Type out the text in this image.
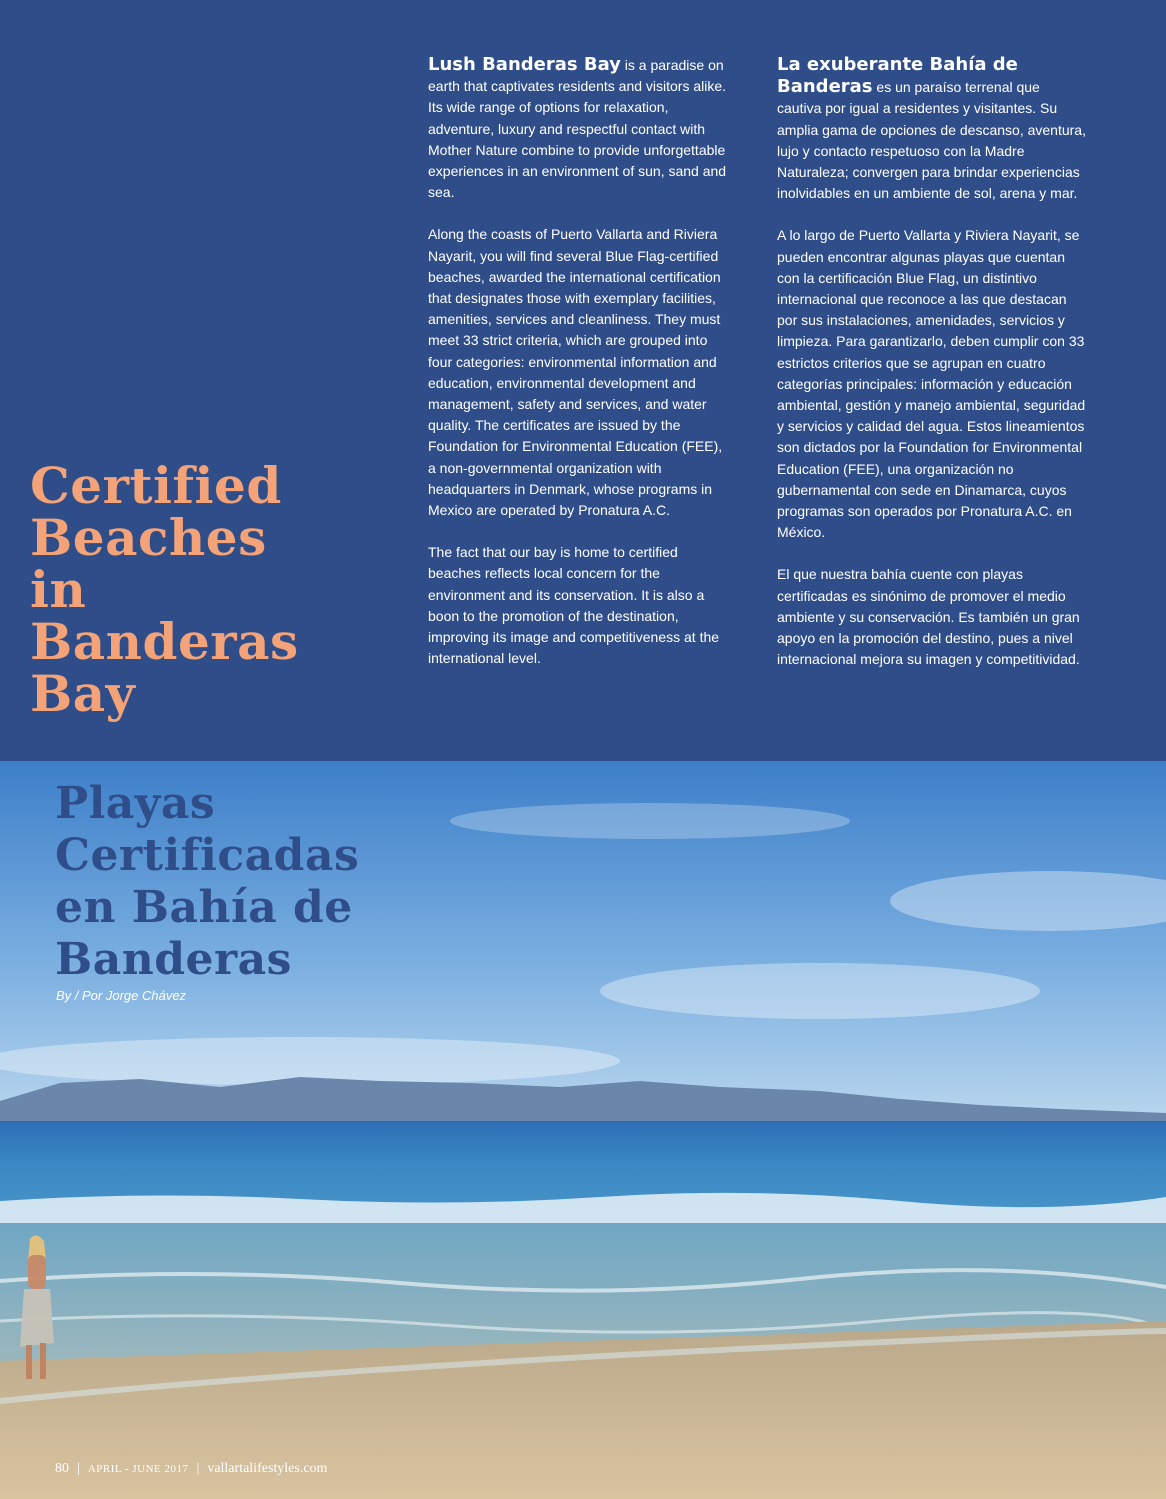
Certified
Beaches
in
Banderas
Bay

Lush Banderas Bay is a paradise on earth that captivates residents and visitors alike. Its wide range of options for relaxation, adventure, luxury and respectful contact with Mother Nature combine to provide unforgettable experiences in an environment of sun, sand and sea.

Along the coasts of Puerto Vallarta and Riviera Nayarit, you will find several Blue Flag-certified beaches, awarded the international certification that designates those with exemplary facilities, amenities, services and cleanliness. They must meet 33 strict criteria, which are grouped into four categories: environmental information and education, environmental development and management, safety and services, and water quality. The certificates are issued by the Foundation for Environmental Education (FEE), a non-governmental organization with headquarters in Denmark, whose programs in Mexico are operated by Pronatura A.C.

The fact that our bay is home to certified beaches reflects local concern for the environment and its conservation. It is also a boon to the promotion of the destination, improving its image and competitiveness at the international level.

La exuberante Bahía de Banderas es un paraíso terrenal que cautiva por igual a residentes y visitantes. Su amplia gama de opciones de descanso, aventura, lujo y contacto respetuoso con la Madre Naturaleza; convergen para brindar experiencias inolvidables en un ambiente de sol, arena y mar.

A lo largo de Puerto Vallarta y Riviera Nayarit, se pueden encontrar algunas playas que cuentan con la certificación Blue Flag, un distintivo internacional que reconoce a las que destacan por sus instalaciones, amenidades, servicios y limpieza. Para garantizarlo, deben cumplir con 33 estrictos criterios que se agrupan en cuatro categorías principales: información y educación ambiental, gestión y manejo ambiental, seguridad y servicios y calidad del agua. Estos lineamientos son dictados por la Foundation for Environmental Education (FEE), una organización no gubernamental con sede en Dinamarca, cuyos programas son operados por Pronatura A.C. en México.

El que nuestra bahía cuente con playas certificadas es sinónimo de promover el medio ambiente y su conservación. Es también un gran apoyo en la promoción del destino, pues a nivel internacional mejora su imagen y competitividad.

Playas
Certificadas
en Bahía de
Banderas
By / Por Jorge Chávez
80 | APRIL - JUNE 2017 | vallartalifestyles.com
